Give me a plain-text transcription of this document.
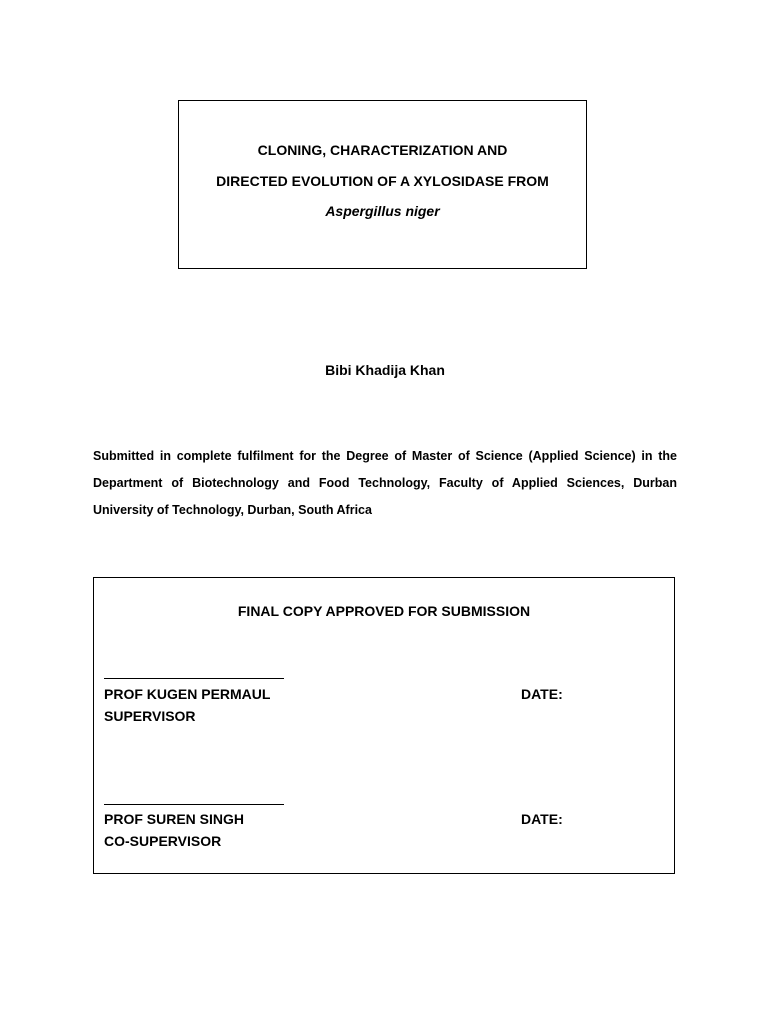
CLONING, CHARACTERIZATION AND
DIRECTED EVOLUTION OF A XYLOSIDASE FROM
Aspergillus niger
Bibi Khadija Khan
Submitted in complete fulfilment for the Degree of Master of Science (Applied Science) in the Department of Biotechnology and Food Technology, Faculty of Applied Sciences, Durban University of Technology, Durban, South Africa
FINAL COPY APPROVED FOR SUBMISSION
PROF KUGEN PERMAUL
SUPERVISOR
DATE:
PROF SUREN SINGH
CO-SUPERVISOR
DATE:
